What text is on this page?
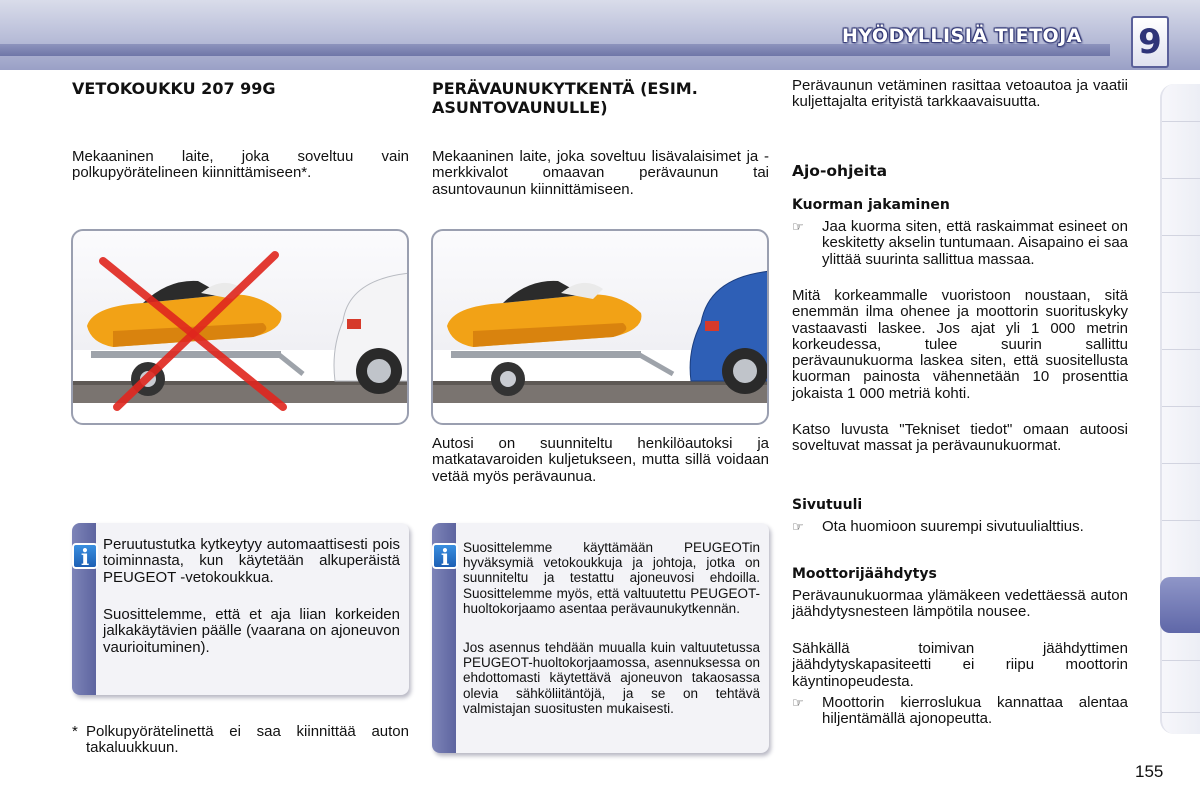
HYÖDYLLISIÄ TIETOJA 9
VETOKOUKKU 207 99G
Mekaaninen laite, joka soveltuu vain polkupyörätelineen kiinnittämiseen*.
i
Peruutustutka kytkeytyy automaattisesti pois toiminnasta, kun käytetään alkuperäistä PEUGEOT -vetokoukkua.
Suosittelemme, että et aja liian korkeiden jalkakäytävien päälle (vaarana on ajoneuvon vaurioituminen).
* Polkupyörätelinettä ei saa kiinnittää auton takaluukkuun.
PERÄVAUNUKYTKENTÄ (ESIM. ASUNTOVAUNULLE)
Mekaaninen laite, joka soveltuu lisävalaisimet ja -merkkivalot omaavan perävaunun tai asuntovaunun kiinnittämiseen.
Autosi on suunniteltu henkilöautoksi ja matkatavaroiden kuljetukseen, mutta sillä voidaan vetää myös perävaunua.
i	Suosittelemme käyttämään PEUGEOTin hyväksymiä vetokoukkuja ja johtoja, jotka on suunniteltu ja testattu ajoneuvosi ehdoilla. Suosittelemme myös, että valtuutettu PEUGEOT-huoltokorjaamo asentaa perävaunukytkennän.
Jos asennus tehdään muualla kuin valtuutetussa PEUGEOT-huoltokorjaamossa, asennuksessa on ehdottomasti käytettävä ajoneuvon takaosassa olevia sähköliitäntöjä, ja se on tehtävä valmistajan suositusten mukaisesti.
Perävaunun vetäminen rasittaa vetoautoa ja vaatii kuljettajalta erityistä tarkkaavaisuutta.
Ajo-ohjeita
Kuorman jakaminen
☞ Jaa kuorma siten, että raskaimmat esineet on keskitetty akselin tuntumaan. Aisapaino ei saa ylittää suurinta sallittua massaa.
Mitä korkeammalle vuoristoon noustaan, sitä enemmän ilma ohenee ja moottorin suorituskyky vastaavasti laskee. Jos ajat yli 1 000 metrin korkeudessa, tulee suurin sallittu perävaunukuorma laskea siten, että suositellusta kuorman painosta vähennetään 10 prosenttia jokaista 1 000 metriä kohti.
Katso luvusta "Tekniset tiedot" omaan autoosi soveltuvat massat ja perävaunukuormat.
Sivutuuli
☞ Ota huomioon suurempi sivutuulialttius.
Moottorijäähdytys
Perävaunukuormaa ylämäkeen vedettäessä auton jäähdytysnesteen lämpötila nousee.
Sähkällä toimivan jäähdyttimen jäähdytyskapasiteetti ei riipu moottorin käyntinopeudesta.
☞ Moottorin kierroslukua kannattaa alentaa hiljentämällä ajonopeutta.
155
